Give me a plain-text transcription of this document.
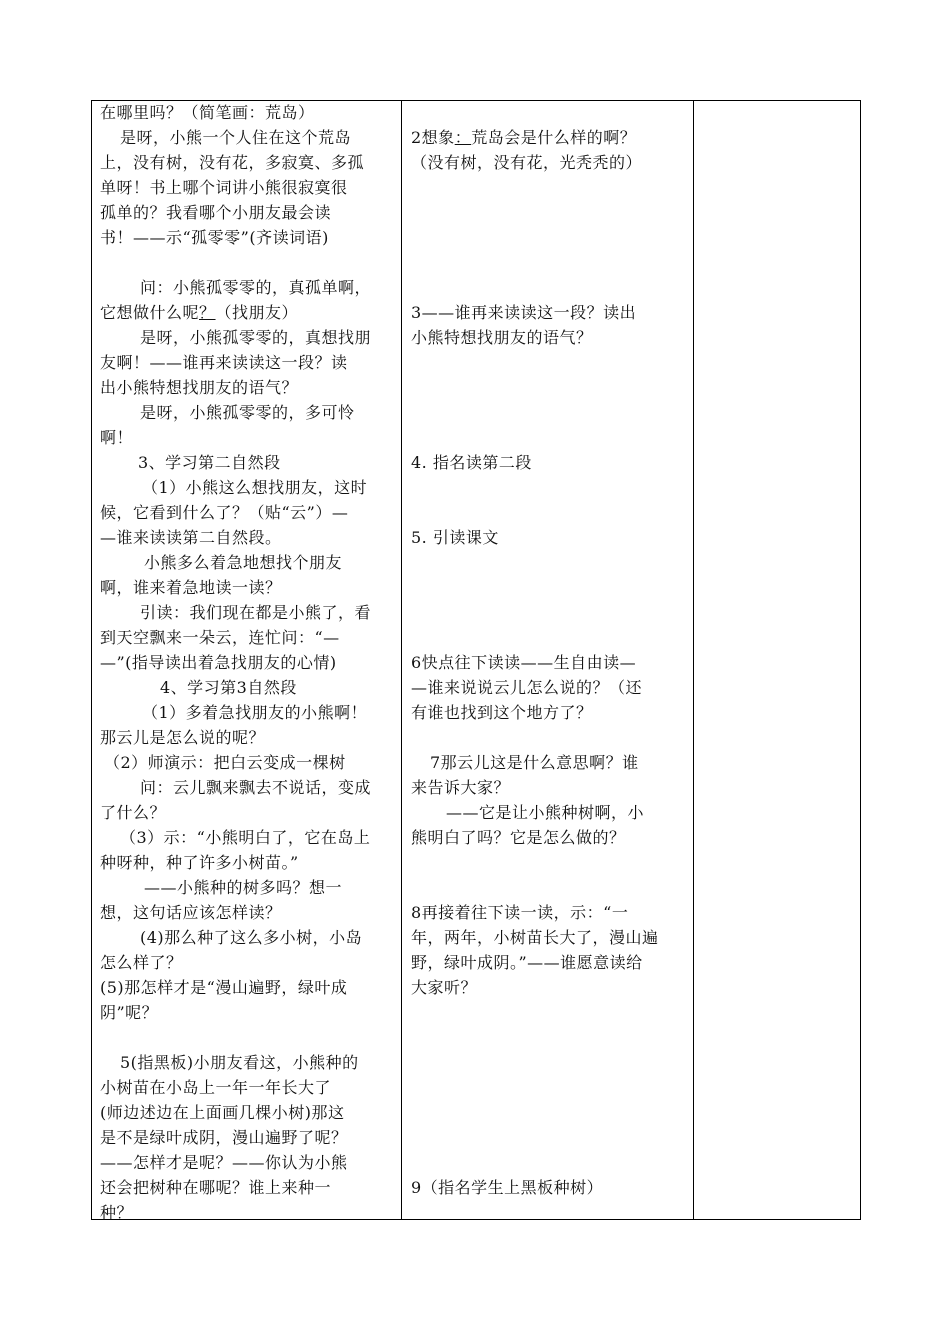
在哪里吗？（简笔画：荒岛）
是呀，小熊一个人住在这个荒岛
上，没有树，没有花，多寂寞、多孤
单呀！书上哪个词讲小熊很寂寞很
孤单的？我看哪个小朋友最会读
书！——示“孤零零”(齐读词语)
问：小熊孤零零的，真孤单啊，
它想做什么呢？（找朋友）
是呀，小熊孤零零的，真想找朋
友啊！——谁再来读读这一段？读
出小熊特想找朋友的语气？
是呀，小熊孤零零的，多可怜
啊！
3、学习第二自然段
（1）小熊这么想找朋友，这时
候，它看到什么了？（贴“云”）—
—谁来读读第二自然段。
小熊多么着急地想找个朋友
啊，谁来着急地读一读？
引读：我们现在都是小熊了，看
到天空飘来一朵云，连忙问：“—
—”(指导读出着急找朋友的心情)
4、学习第3自然段
（1）多着急找朋友的小熊啊！
那云儿是怎么说的呢？
（2）师演示：把白云变成一棵树
问：云儿飘来飘去不说话，变成
了什么？
（3）示：“小熊明白了，它在岛上
种呀种，种了许多小树苗。”
——小熊种的树多吗？想一
想，这句话应该怎样读？
(4)那么种了这么多小树，小岛
怎么样了？
(5)那怎样才是“漫山遍野，绿叶成
阴”呢？
5(指黑板)小朋友看这，小熊种的
小树苗在小岛上一年一年长大了
(师边述边在上面画几棵小树)那这
是不是绿叶成阴，漫山遍野了呢？
——怎样才是呢？——你认为小熊
还会把树种在哪呢？谁上来种一
种？
2想象：荒岛会是什么样的啊？
（没有树，没有花，光秃秃的）
3——谁再来读读这一段？读出
小熊特想找朋友的语气？
4. 指名读第二段
5. 引读课文
6快点往下读读——生自由读—
—谁来说说云儿怎么说的？（还
有谁也找到这个地方了？
7那云儿这是什么意思啊？谁
来告诉大家？
——它是让小熊种树啊，小
熊明白了吗？它是怎么做的？
8再接着往下读一读，示：“一
年，两年，小树苗长大了，漫山遍
野，绿叶成阴。”——谁愿意读给
大家听？
9（指名学生上黑板种树）
